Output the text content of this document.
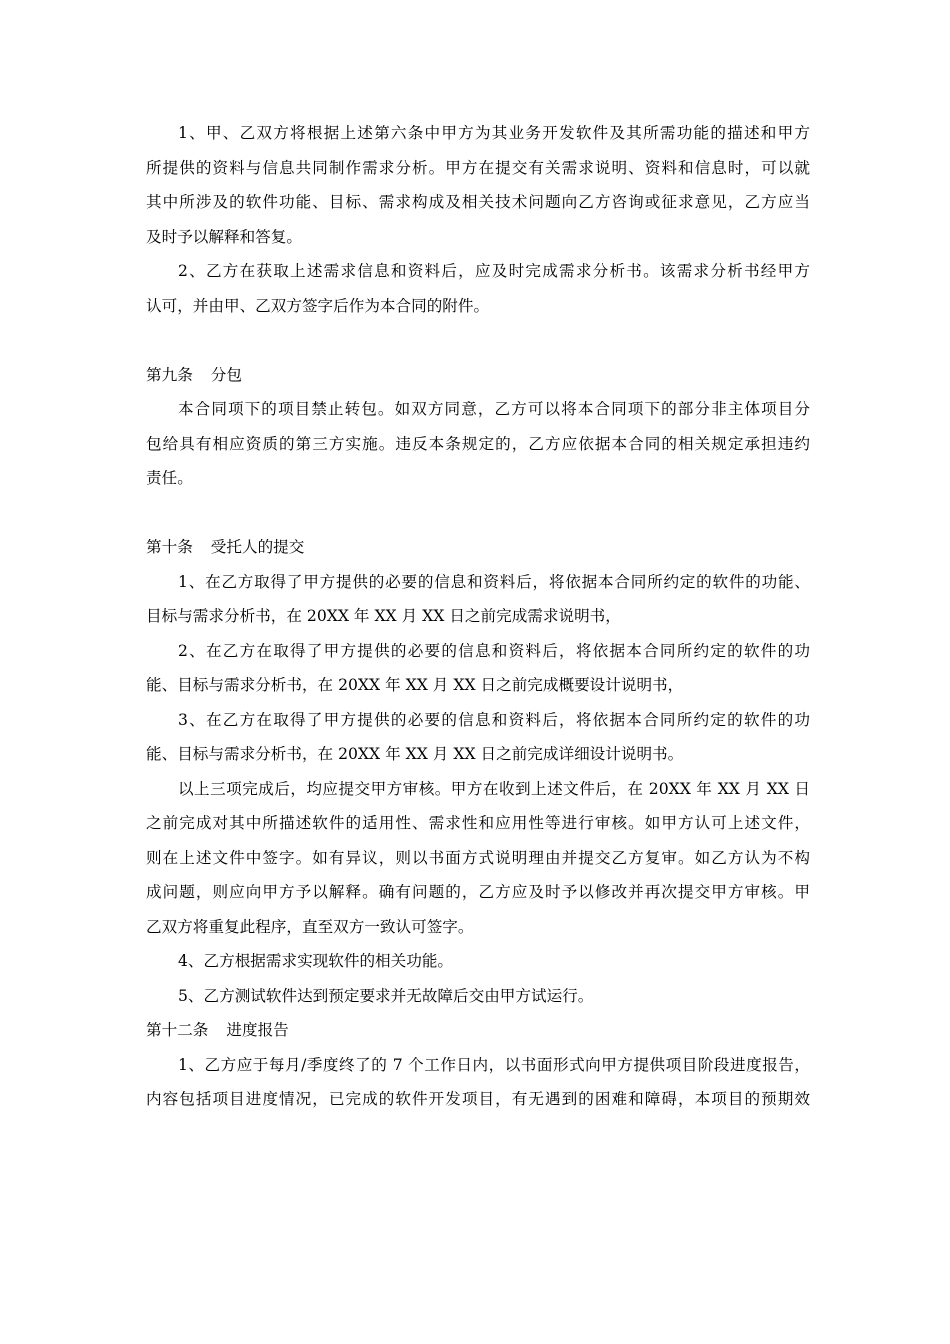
1、甲、乙双方将根据上述第六条中甲方为其业务开发软件及其所需功能的描述和甲方
所提供的资料与信息共同制作需求分析。甲方在提交有关需求说明、资料和信息时，可以就
其中所涉及的软件功能、目标、需求构成及相关技术问题向乙方咨询或征求意见，乙方应当
及时予以解释和答复。
2、乙方在获取上述需求信息和资料后，应及时完成需求分析书。该需求分析书经甲方
认可，并由甲、乙双方签字后作为本合同的附件。
第九条 分包
本合同项下的项目禁止转包。如双方同意，乙方可以将本合同项下的部分非主体项目分
包给具有相应资质的第三方实施。违反本条规定的，乙方应依据本合同的相关规定承担违约
责任。
第十条 受托人的提交
1、在乙方取得了甲方提供的必要的信息和资料后，将依据本合同所约定的软件的功能、
目标与需求分析书，在 20XX 年 XX 月 XX 日之前完成需求说明书，
2、在乙方在取得了甲方提供的必要的信息和资料后，将依据本合同所约定的软件的功
能、目标与需求分析书，在 20XX 年 XX 月 XX 日之前完成概要设计说明书，
3、在乙方在取得了甲方提供的必要的信息和资料后，将依据本合同所约定的软件的功
能、目标与需求分析书，在 20XX 年 XX 月 XX 日之前完成详细设计说明书。
以上三项完成后，均应提交甲方审核。甲方在收到上述文件后，在 20XX 年 XX 月 XX 日
之前完成对其中所描述软件的适用性、需求性和应用性等进行审核。如甲方认可上述文件，
则在上述文件中签字。如有异议，则以书面方式说明理由并提交乙方复审。如乙方认为不构
成问题，则应向甲方予以解释。确有问题的，乙方应及时予以修改并再次提交甲方审核。甲
乙双方将重复此程序，直至双方一致认可签字。
4、乙方根据需求实现软件的相关功能。
5、乙方测试软件达到预定要求并无故障后交由甲方试运行。
第十二条 进度报告
1、乙方应于每月/季度终了的 7 个工作日内，以书面形式向甲方提供项目阶段进度报告，
内容包括项目进度情况，已完成的软件开发项目，有无遇到的困难和障碍，本项目的预期效
